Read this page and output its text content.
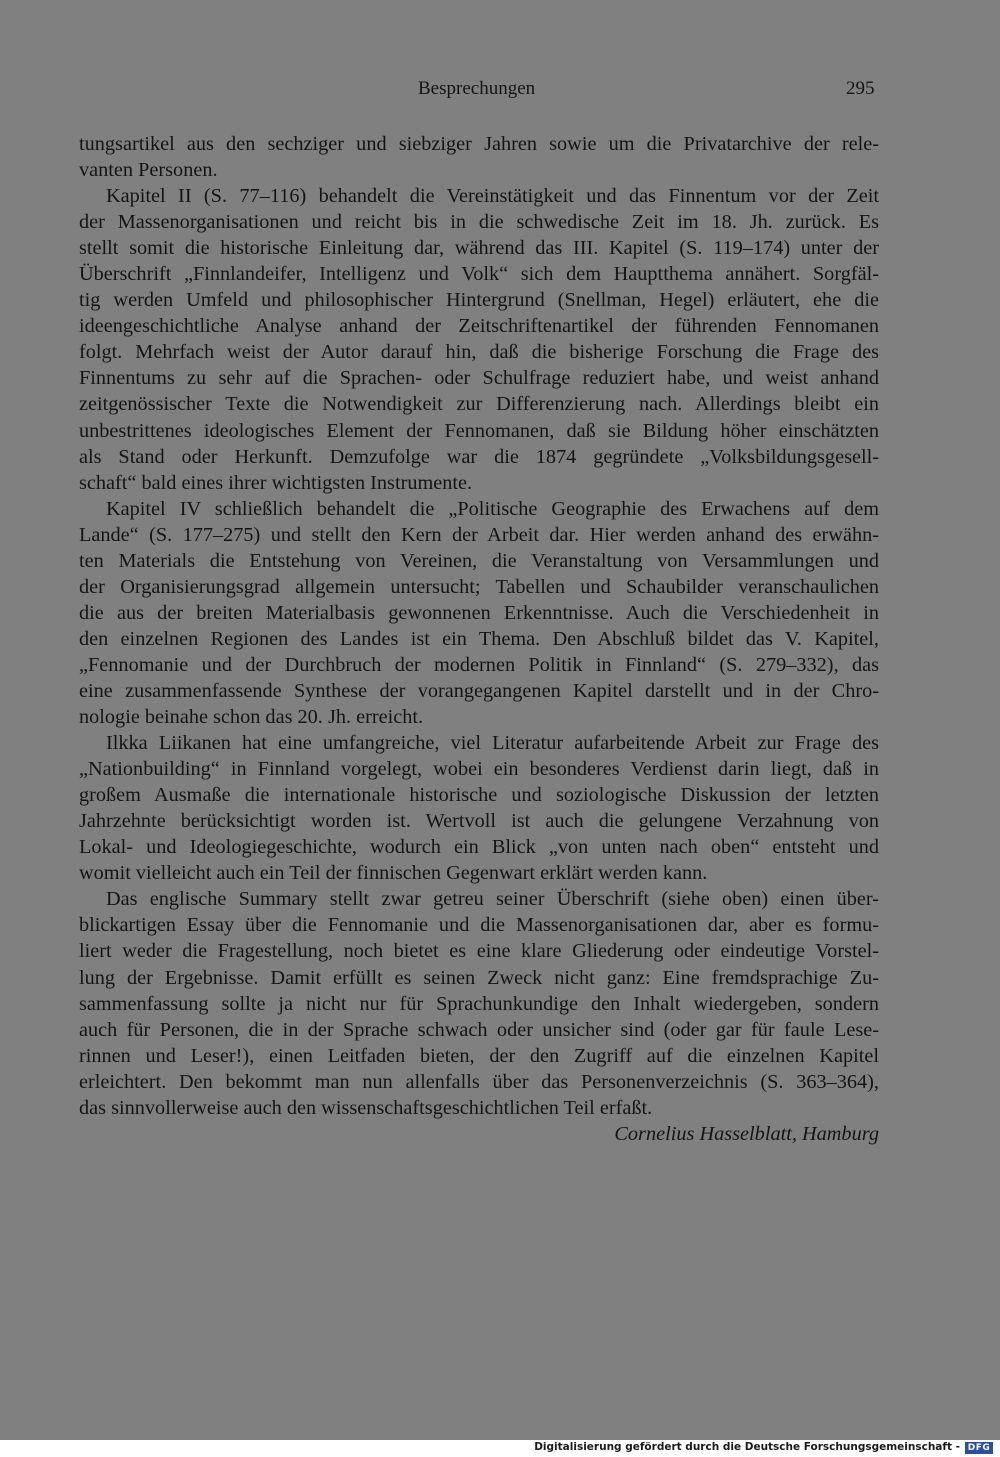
Besprechungen	295
tungsartikel aus den sechziger und siebziger Jahren sowie um die Privatarchive der rele-
vanten Personen.
Kapitel II (S. 77–116) behandelt die Vereinstätigkeit und das Finnentum vor der Zeit
der Massenorganisationen und reicht bis in die schwedische Zeit im 18. Jh. zurück. Es
stellt somit die historische Einleitung dar, während das III. Kapitel (S. 119–174) unter der
Überschrift „Finnlandeifer, Intelligenz und Volk“ sich dem Hauptthema annähert. Sorgfäl-
tig werden Umfeld und philosophischer Hintergrund (Snellman, Hegel) erläutert, ehe die
ideengeschichtliche Analyse anhand der Zeitschriftenartikel der führenden Fennomanen
folgt. Mehrfach weist der Autor darauf hin, daß die bisherige Forschung die Frage des
Finnentums zu sehr auf die Sprachen- oder Schulfrage reduziert habe, und weist anhand
zeitgenössischer Texte die Notwendigkeit zur Differenzierung nach. Allerdings bleibt ein
unbestrittenes ideologisches Element der Fennomanen, daß sie Bildung höher einschätzten
als Stand oder Herkunft. Demzufolge war die 1874 gegründete „Volksbildungsgesell-
schaft“ bald eines ihrer wichtigsten Instrumente.
Kapitel IV schließlich behandelt die „Politische Geographie des Erwachens auf dem
Lande“ (S. 177–275) und stellt den Kern der Arbeit dar. Hier werden anhand des erwähn-
ten Materials die Entstehung von Vereinen, die Veranstaltung von Versammlungen und
der Organisierungsgrad allgemein untersucht; Tabellen und Schaubilder veranschaulichen
die aus der breiten Materialbasis gewonnenen Erkenntnisse. Auch die Verschiedenheit in
den einzelnen Regionen des Landes ist ein Thema. Den Abschluß bildet das V. Kapitel,
„Fennomanie und der Durchbruch der modernen Politik in Finnland“ (S. 279–332), das
eine zusammenfassende Synthese der vorangegangenen Kapitel darstellt und in der Chro-
nologie beinahe schon das 20. Jh. erreicht.
Ilkka Liikanen hat eine umfangreiche, viel Literatur aufarbeitende Arbeit zur Frage des
„Nationbuilding“ in Finnland vorgelegt, wobei ein besonderes Verdienst darin liegt, daß in
großem Ausmaße die internationale historische und soziologische Diskussion der letzten
Jahrzehnte berücksichtigt worden ist. Wertvoll ist auch die gelungene Verzahnung von
Lokal- und Ideologiegeschichte, wodurch ein Blick „von unten nach oben“ entsteht und
womit vielleicht auch ein Teil der finnischen Gegenwart erklärt werden kann.
Das englische Summary stellt zwar getreu seiner Überschrift (siehe oben) einen über-
blickartigen Essay über die Fennomanie und die Massenorganisationen dar, aber es formu-
liert weder die Fragestellung, noch bietet es eine klare Gliederung oder eindeutige Vorstel-
lung der Ergebnisse. Damit erfüllt es seinen Zweck nicht ganz: Eine fremdsprachige Zu-
sammenfassung sollte ja nicht nur für Sprachunkundige den Inhalt wiedergeben, sondern
auch für Personen, die in der Sprache schwach oder unsicher sind (oder gar für faule Lese-
rinnen und Leser!), einen Leitfaden bieten, der den Zugriff auf die einzelnen Kapitel
erleichtert. Den bekommt man nun allenfalls über das Personenverzeichnis (S. 363–364),
das sinnvollerweise auch den wissenschaftsgeschichtlichen Teil erfaßt.
Cornelius Hasselblatt, Hamburg
Digitalisierung gefördert durch die Deutsche Forschungsgemeinschaft - DFG
